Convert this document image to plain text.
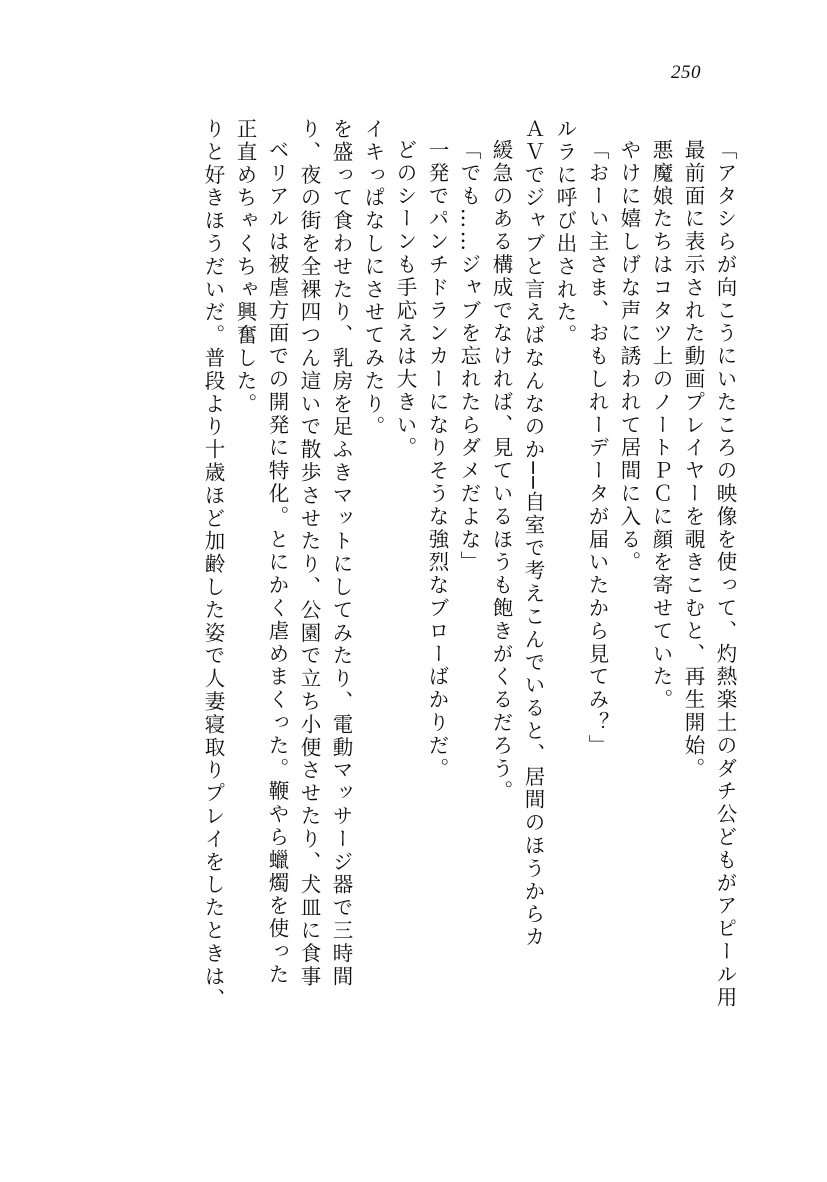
250
りと好きほうだいだ。普段より十歳ほど加齢した姿で人妻寝取りプレイをしたときは、 正直めちゃくちゃ興奮した。 ベリアルは被虐方面での開発に特化。とにかく虐めまくった。鞭やら蠟燭を使った り、夜の街を全裸四つん這いで散歩させたり、公園で立ち小便させたり、犬皿に食事 を盛って食わせたり、乳房を足ふきマットにしてみたり、電動マッサージ器で三時間 イキっぱなしにさせてみたり。 どのシーンも手応えは大きい。 一発でパンチドランカーになりそうな強烈なブローばかりだ。 「でも……ジャブを忘れたらダメだよな」 緩急のある構成でなければ、見ているほうも飽きがくるだろう。 ＡＶでジャブと言えばなんなのか──自室で考えこんでいると、居間のほうからカ ルラに呼び出された。 「おーい主さま、おもしれーデータが届いたから見てみ？」 やけに嬉しげな声に誘われて居間に入る。 悪魔娘たちはコタツ上のノートＰＣに顔を寄せていた。 最前面に表示された動画プレイヤーを覗きこむと、再生開始。 「アタシらが向こうにいたころの映像を使って、灼熱楽土のダチ公どもがアピール用
